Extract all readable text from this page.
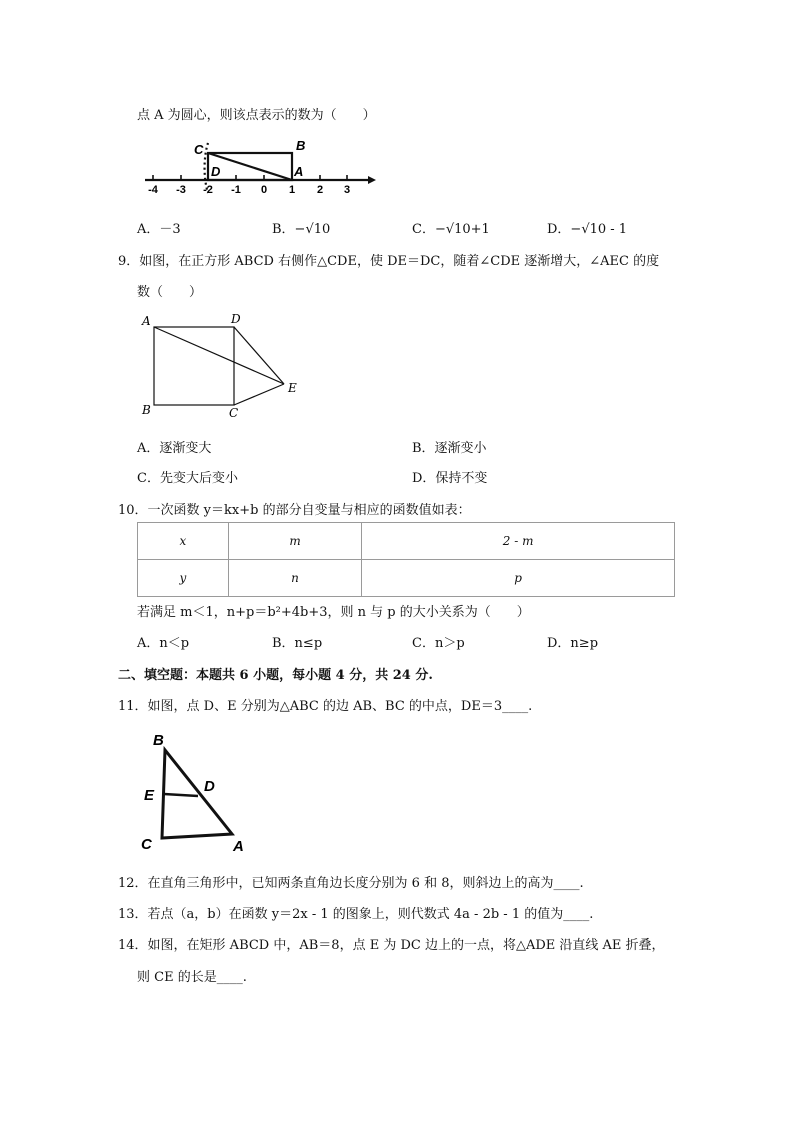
点 A 为圆心，则该点表示的数为（　　）
C	B
D	A
-4 -3 -2 -1 0 1 2 3
A．－3	B．−√10	C．−√10+1	D．−√10 - 1
9．如图，在正方形 ABCD 右侧作△CDE，使 DE＝DC，随着∠CDE 逐渐增大，∠AEC 的度
数（　　）
A	D
B	C
E
A．逐渐变大	B．逐渐变小
C．先变大后变小	D．保持不变
10．一次函数 y＝kx+b 的部分自变量与相应的函数值如表：
x	m	2 - m
y	n	p
若满足 m＜1，n+p＝b²+4b+3，则 n 与 p 的大小关系为（　　）
A．n＜p	B．n≤p	C．n＞p	D．n≥p
二、填空题：本题共 6 小题，每小题 4 分，共 24 分.
11．如图，点 D、E 分别为△ABC 的边 AB、BC 的中点，DE＝3____.
B
E
D
C	A
12．在直角三角形中，已知两条直角边长度分别为 6 和 8，则斜边上的高为____.
13．若点（a，b）在函数 y＝2x - 1 的图象上，则代数式 4a - 2b - 1 的值为____.
14．如图，在矩形 ABCD 中，AB＝8，点 E 为 DC 边上的一点，将△ADE 沿直线 AE 折叠，
则 CE 的长是____.
